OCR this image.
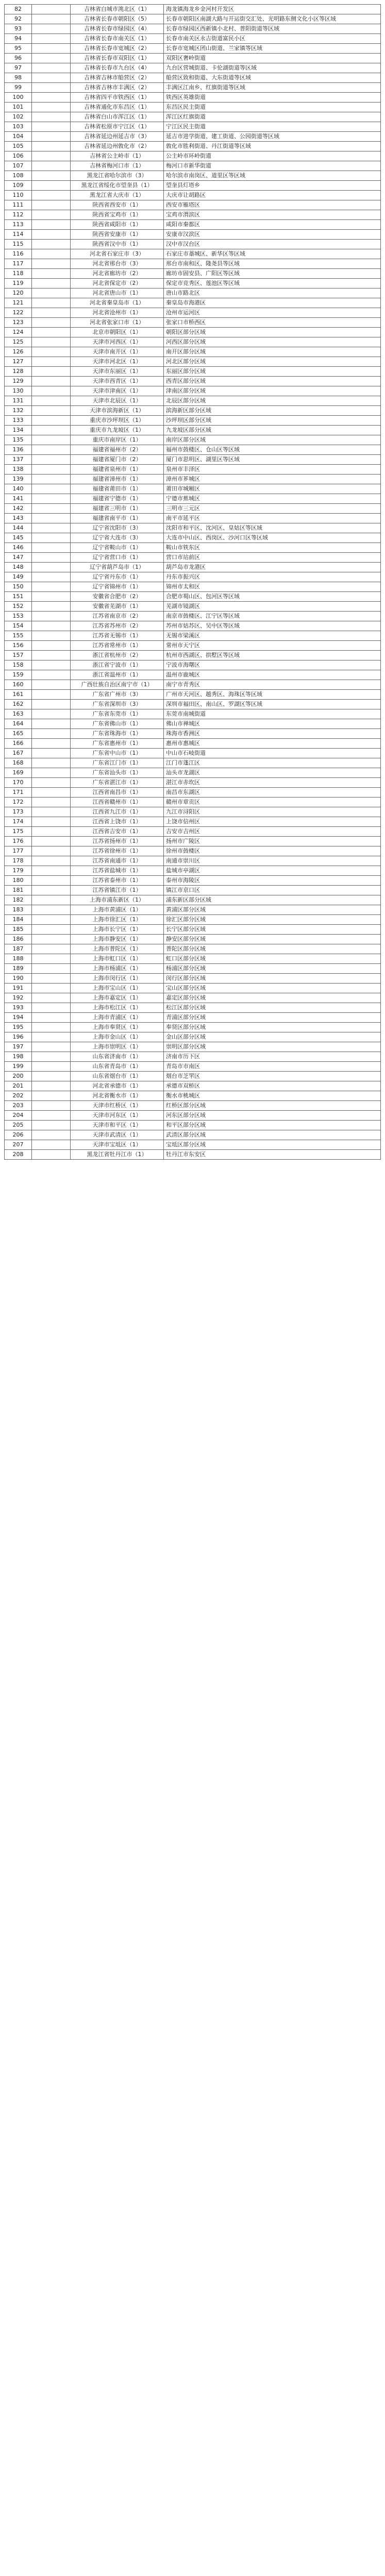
82		吉林省白城市洮北区（1）	海龙镇海龙乡金河村开发区
92		吉林省长春市朝阳区（5）	长春市朝阳区南湖大路与开运街交汇处、光明路东侧文化小区等区域
93		吉林省长春市绿园区（4）	长春市绿园区西新镇小北村、普阳街道等区域
94		吉林省长春市南关区（1）	长春市南关区永吉街道富民小区
95		吉林省长春市宽城区（2）	长春市宽城区团山街道、兰家镇等区域
96		吉林省长春市双阳区（1）	双阳区奢岭街道
97		吉林省长春市九台区（4）	九台区营城街道、卡伦湖街道等区域
98		吉林省吉林市船营区（2）	船营区致和街道、大东街道等区域
99		吉林省吉林市丰满区（2）	丰满区江南乡、红旗街道等区域
100		吉林省四平市铁西区（1）	铁西区英雄街道
101		吉林省通化市东昌区（1）	东昌区民主街道
102		吉林省白山市浑江区（1）	浑江区红旗街道
103		吉林省松原市宁江区（1）	宁江区民主街道
104		吉林省延边州延吉市（3）	延吉市进学街道、建工街道、公园街道等区域
105		吉林省延边州敦化市（2）	敦化市胜利街道、丹江街道等区域
106		吉林省公主岭市（1）	公主岭市环岭街道
107		吉林省梅河口市（1）	梅河口市新华街道
108		黑龙江省哈尔滨市（3）	哈尔滨市南岗区、道里区等区域
109		黑龙江省绥化市望奎县（1）	望奎县灯塔乡
110		黑龙江省大庆市（1）	大庆市让胡路区
111		陕西省西安市（1）	西安市雁塔区
112		陕西省宝鸡市（1）	宝鸡市渭滨区
113		陕西省咸阳市（1）	咸阳市秦都区
114		陕西省安康市（1）	安康市汉滨区
115		陕西省汉中市（1）	汉中市汉台区
116		河北省石家庄市（3）	石家庄市藁城区、新华区等区域
117		河北省邢台市（3）	邢台市南和区、隆尧县等区域
118		河北省廊坊市（2）	廊坊市固安县、广阳区等区域
119		河北省保定市（2）	保定市竞秀区、莲池区等区域
120		河北省唐山市（1）	唐山市路北区
121		河北省秦皇岛市（1）	秦皇岛市海港区
122		河北省沧州市（1）	沧州市运河区
123		河北省张家口市（1）	张家口市桥西区
124		北京市朝阳区（1）	朝阳区部分区域
125		天津市河西区（1）	河西区部分区域
126		天津市南开区（1）	南开区部分区域
127		天津市河北区（1）	河北区部分区域
128		天津市东丽区（1）	东丽区部分区域
129		天津市西青区（1）	西青区部分区域
130		天津市津南区（1）	津南区部分区域
131		天津市北辰区（1）	北辰区部分区域
132		天津市滨海新区（1）	滨海新区部分区域
133		重庆市沙坪坝区（1）	沙坪坝区部分区域
134		重庆市九龙坡区（1）	九龙坡区部分区域
135		重庆市南岸区（1）	南岸区部分区域
136		福建省福州市（2）	福州市鼓楼区、仓山区等区域
137		福建省厦门市（2）	厦门市思明区、湖里区等区域
138		福建省泉州市（1）	泉州市丰泽区
139		福建省漳州市（1）	漳州市芗城区
140		福建省莆田市（1）	莆田市城厢区
141		福建省宁德市（1）	宁德市蕉城区
142		福建省三明市（1）	三明市三元区
143		福建省南平市（1）	南平市延平区
144		辽宁省沈阳市（3）	沈阳市和平区、沈河区、皇姑区等区域
145		辽宁省大连市（3）	大连市中山区、西岗区、沙河口区等区域
146		辽宁省鞍山市（1）	鞍山市铁东区
147		辽宁省营口市（1）	营口市站前区
148		辽宁省葫芦岛市（1）	葫芦岛市龙港区
149		辽宁省丹东市（1）	丹东市振兴区
150		辽宁省锦州市（1）	锦州市太和区
151		安徽省合肥市（2）	合肥市蜀山区、包河区等区域
152		安徽省芜湖市（1）	芜湖市镜湖区
153		江苏省南京市（2）	南京市鼓楼区、江宁区等区域
154		江苏省苏州市（2）	苏州市姑苏区、吴中区等区域
155		江苏省无锡市（1）	无锡市梁溪区
156		江苏省常州市（1）	常州市天宁区
157		浙江省杭州市（2）	杭州市西湖区、拱墅区等区域
158		浙江省宁波市（1）	宁波市海曙区
159		浙江省温州市（1）	温州市鹿城区
160		广西壮族自治区南宁市（1）	南宁市青秀区
161		广东省广州市（3）	广州市天河区、越秀区、海珠区等区域
162		广东省深圳市（3）	深圳市福田区、南山区、罗湖区等区域
163		广东省东莞市（1）	东莞市南城街道
164		广东省佛山市（1）	佛山市禅城区
165		广东省珠海市（1）	珠海市香洲区
166		广东省惠州市（1）	惠州市惠城区
167		广东省中山市（1）	中山市石岐街道
168		广东省江门市（1）	江门市蓬江区
169		广东省汕头市（1）	汕头市龙湖区
170		广东省湛江市（1）	湛江市赤坎区
171		江西省南昌市（1）	南昌市东湖区
172		江西省赣州市（1）	赣州市章贡区
173		江西省九江市（1）	九江市浔阳区
174		江西省上饶市（1）	上饶市信州区
175		江西省吉安市（1）	吉安市吉州区
176		江苏省扬州市（1）	扬州市广陵区
177		江苏省徐州市（1）	徐州市鼓楼区
178		江苏省南通市（1）	南通市崇川区
179		江苏省盐城市（1）	盐城市亭湖区
180		江苏省泰州市（1）	泰州市海陵区
181		江苏省镇江市（1）	镇江市京口区
182		上海市浦东新区（1）	浦东新区部分区域
183		上海市黄浦区（1）	黄浦区部分区域
184		上海市徐汇区（1）	徐汇区部分区域
185		上海市长宁区（1）	长宁区部分区域
186		上海市静安区（1）	静安区部分区域
187		上海市普陀区（1）	普陀区部分区域
188		上海市虹口区（1）	虹口区部分区域
189		上海市杨浦区（1）	杨浦区部分区域
190		上海市闵行区（1）	闵行区部分区域
191		上海市宝山区（1）	宝山区部分区域
192		上海市嘉定区（1）	嘉定区部分区域
193		上海市松江区（1）	松江区部分区域
194		上海市青浦区（1）	青浦区部分区域
195		上海市奉贤区（1）	奉贤区部分区域
196		上海市金山区（1）	金山区部分区域
197		上海市崇明区（1）	崇明区部分区域
198		山东省济南市（1）	济南市历下区
199		山东省青岛市（1）	青岛市市南区
200		山东省烟台市（1）	烟台市芝罘区
201		河北省承德市（1）	承德市双桥区
202		河北省衡水市（1）	衡水市桃城区
203		天津市红桥区（1）	红桥区部分区域
204		天津市河东区（1）	河东区部分区域
205		天津市和平区（1）	和平区部分区域
206		天津市武清区（1）	武清区部分区域
207		天津市宝坻区（1）	宝坻区部分区域
208		黑龙江省牡丹江市（1）	牡丹江市东安区
